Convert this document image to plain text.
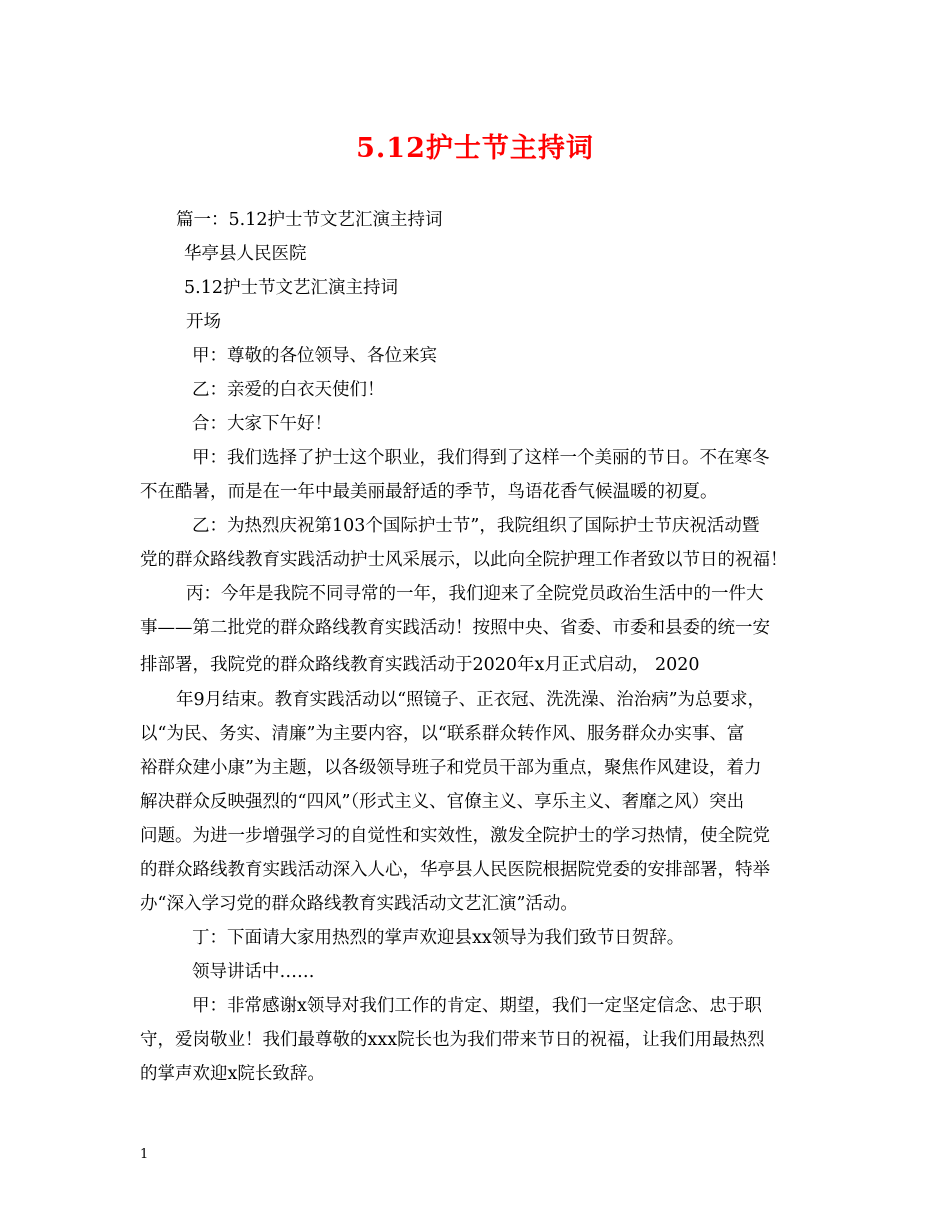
5.12护士节主持词
篇一：5.12护士节文艺汇演主持词
华亭县人民医院
5.12护士节文艺汇演主持词
开场
甲：尊敬的各位领导、各位来宾
乙：亲爱的白衣天使们！
合：大家下午好！
甲：我们选择了护士这个职业，我们得到了这样一个美丽的节日。不在寒冬
不在酷暑，而是在一年中最美丽最舒适的季节，鸟语花香气候温暖的初夏。
乙：为热烈庆祝第103个国际护士节”，我院组织了国际护士节庆祝活动暨
党的群众路线教育实践活动护士风采展示，以此向全院护理工作者致以节日的祝福！
丙：今年是我院不同寻常的一年，我们迎来了全院党员政治生活中的一件大
事——第二批党的群众路线教育实践活动！按照中央、省委、市委和县委的统一安
排部署，我院党的群众路线教育实践活动于2020年x月正式启动， 2020
年9月结束。教育实践活动以“照镜子、正衣冠、洗洗澡、治治病”为总要求，
以“为民、务实、清廉”为主要内容，以“联系群众转作风、服务群众办实事、富
裕群众建小康”为主题，以各级领导班子和党员干部为重点，聚焦作风建设，着力
解决群众反映强烈的“四风”（形式主义、官僚主义、享乐主义、奢靡之风）突出
问题。为进一步增强学习的自觉性和实效性，激发全院护士的学习热情，使全院党
的群众路线教育实践活动深入人心，华亭县人民医院根据院党委的安排部署，特举
办“深入学习党的群众路线教育实践活动文艺汇演”活动。
丁：下面请大家用热烈的掌声欢迎县xx领导为我们致节日贺辞。
领导讲话中……
甲：非常感谢x领导对我们工作的肯定、期望，我们一定坚定信念、忠于职
守，爱岗敬业！我们最尊敬的xxx院长也为我们带来节日的祝福，让我们用最热烈
的掌声欢迎x院长致辞。
1
